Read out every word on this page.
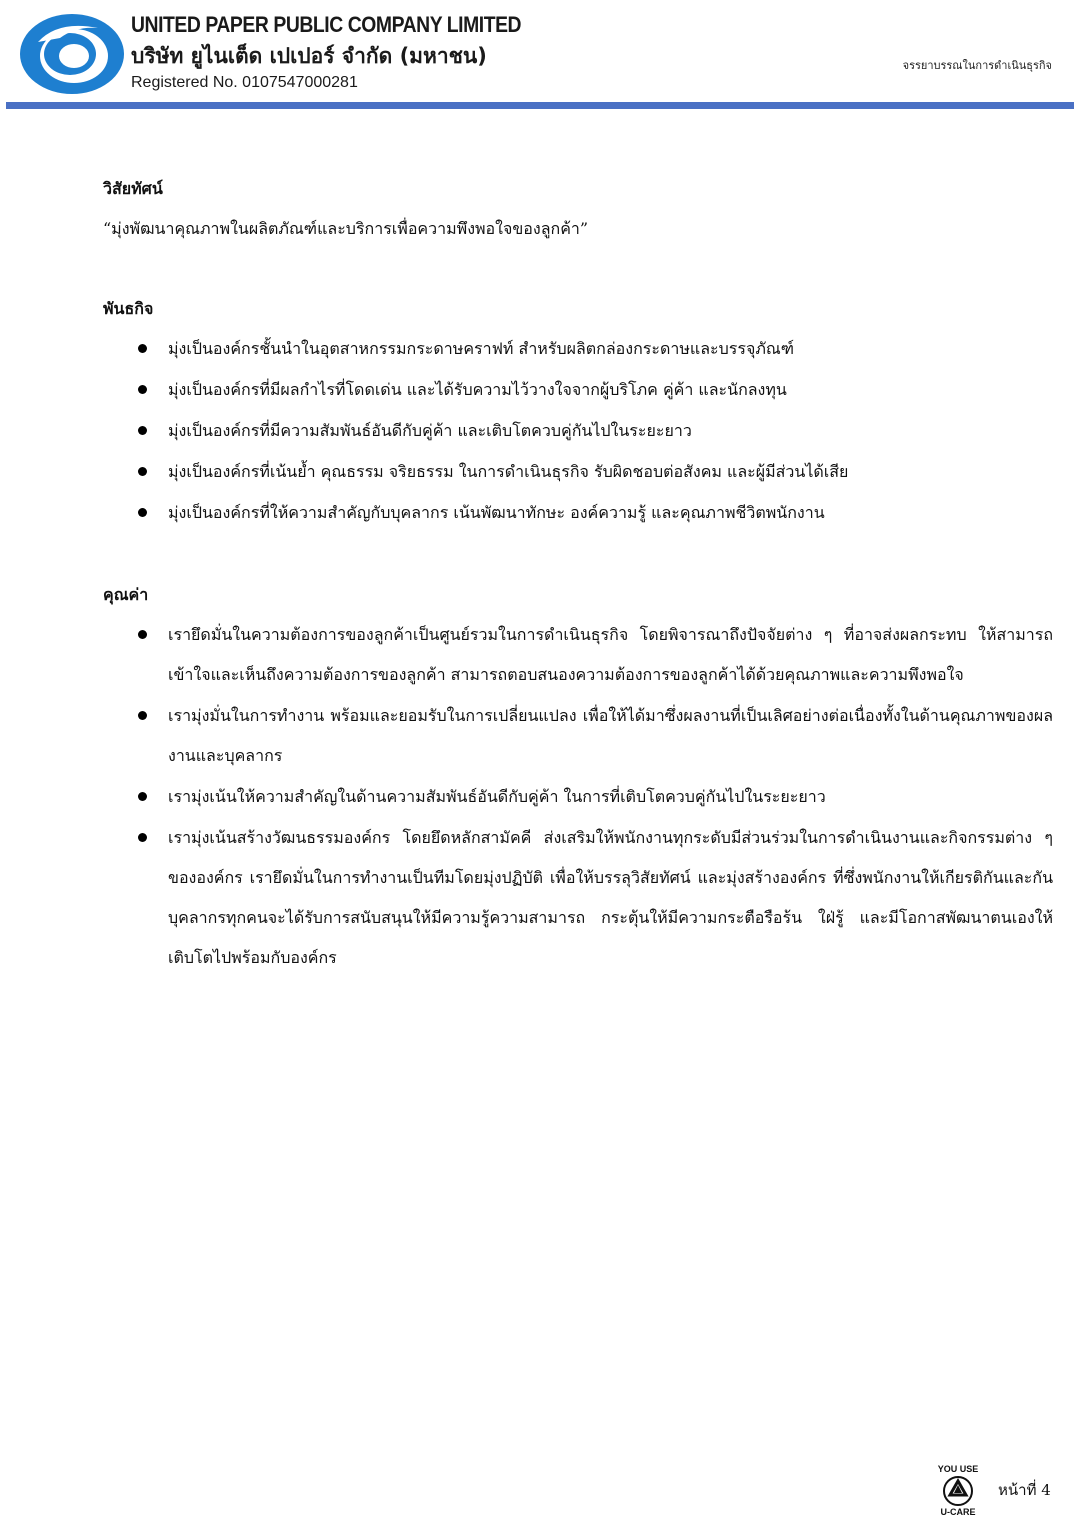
UNITED PAPER PUBLIC COMPANY LIMITED
บริษัท ยูไนเต็ด เปเปอร์ จำกัด (มหาชน)
Registered No. 0107547000281
จรรยาบรรณในการดำเนินธุรกิจ
วิสัยทัศน์
“มุ่งพัฒนาคุณภาพในผลิตภัณฑ์และบริการเพื่อความพึงพอใจของลูกค้า”
พันธกิจ
มุ่งเป็นองค์กรชั้นนำในอุตสาหกรรมกระดาษคราฟท์ สำหรับผลิตกล่องกระดาษและบรรจุภัณฑ์
มุ่งเป็นองค์กรที่มีผลกำไรที่โดดเด่น และได้รับความไว้วางใจจากผู้บริโภค คู่ค้า และนักลงทุน
มุ่งเป็นองค์กรที่มีความสัมพันธ์อันดีกับคู่ค้า และเติบโตควบคู่กันไปในระยะยาว
มุ่งเป็นองค์กรที่เน้นย้ำ คุณธรรม จริยธรรม ในการดำเนินธุรกิจ รับผิดชอบต่อสังคม และผู้มีส่วนได้เสีย
มุ่งเป็นองค์กรที่ให้ความสำคัญกับบุคลากร เน้นพัฒนาทักษะ องค์ความรู้ และคุณภาพชีวิตพนักงาน
คุณค่า
เรายึดมั่นในความต้องการของลูกค้าเป็นศูนย์รวมในการดำเนินธุรกิจ โดยพิจารณาถึงปัจจัยต่าง ๆ ที่อาจส่งผลกระทบ ให้สามารถเข้าใจและเห็นถึงความต้องการของลูกค้า สามารถตอบสนองความต้องการของลูกค้าได้ด้วยคุณภาพและความพึงพอใจ
เรามุ่งมั่นในการทำงาน พร้อมและยอมรับในการเปลี่ยนแปลง เพื่อให้ได้มาซึ่งผลงานที่เป็นเลิศอย่างต่อเนื่องทั้งในด้านคุณภาพของผลงานและบุคลากร
เรามุ่งเน้นให้ความสำคัญในด้านความสัมพันธ์อันดีกับคู่ค้า ในการที่เติบโตควบคู่กันไปในระยะยาว
เรามุ่งเน้นสร้างวัฒนธรรมองค์กร โดยยึดหลักสามัคคี ส่งเสริมให้พนักงานทุกระดับมีส่วนร่วมในการดำเนินงานและกิจกรรมต่าง ๆ ขององค์กร เรายึดมั่นในการทำงานเป็นทีมโดยมุ่งปฏิบัติ เพื่อให้บรรลุวิสัยทัศน์ และมุ่งสร้างองค์กร ที่ซึ่งพนักงานให้เกียรติกันและกัน บุคลากรทุกคนจะได้รับการสนับสนุนให้มีความรู้ความสามารถ กระตุ้นให้มีความกระตือรือร้น ใฝ่รู้ และมีโอกาสพัฒนาตนเองให้เติบโตไปพร้อมกับองค์กร
YOU USE
U-CARE
หน้าที่ 4
